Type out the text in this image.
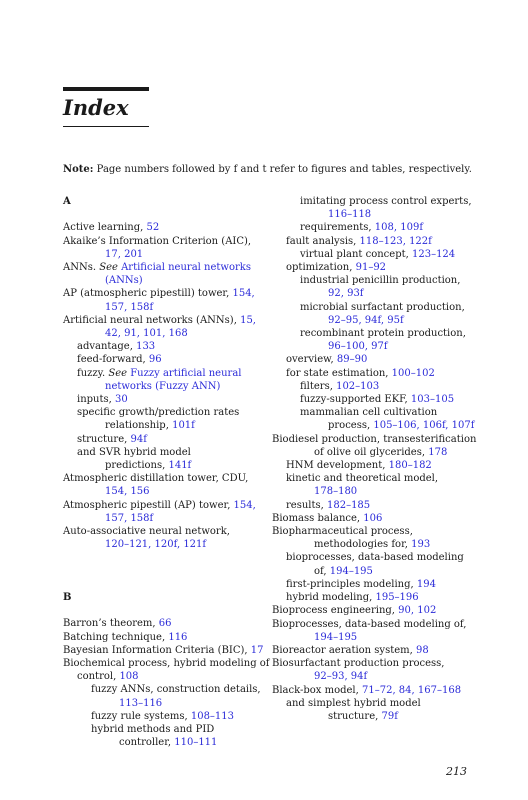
Index
Note: Page numbers followed by f and t refer to figures and tables, respectively.
A
Active learning, 52
Akaike’s Information Criterion (AIC),
17, 201
ANNs. See Artificial neural networks
(ANNs)
AP (atmospheric pipestill) tower, 154,
157, 158f
Artificial neural networks (ANNs), 15,
42, 91, 101, 168
advantage, 133
feed-forward, 96
fuzzy. See Fuzzy artificial neural
networks (Fuzzy ANN)
inputs, 30
specific growth/prediction rates
relationship, 101f
structure, 94f
and SVR hybrid model
predictions, 141f
Atmospheric distillation tower, CDU,
154, 156
Atmospheric pipestill (AP) tower, 154,
157, 158f
Auto-associative neural network,
120–121, 120f, 121f
B
Barron’s theorem, 66
Batching technique, 116
Bayesian Information Criteria (BIC), 17
Biochemical process, hybrid modeling of
control, 108
fuzzy ANNs, construction details,
113–116
fuzzy rule systems, 108–113
hybrid methods and PID
controller, 110–111
imitating process control experts,
116–118
requirements, 108, 109f
fault analysis, 118–123, 122f
virtual plant concept, 123–124
optimization, 91–92
industrial penicillin production,
92, 93f
microbial surfactant production,
92–95, 94f, 95f
recombinant protein production,
96–100, 97f
overview, 89–90
for state estimation, 100–102
filters, 102–103
fuzzy-supported EKF, 103–105
mammalian cell cultivation
process, 105–106, 106f, 107f
Biodiesel production, transesterification
of olive oil glycerides, 178
HNM development, 180–182
kinetic and theoretical model,
178–180
results, 182–185
Biomass balance, 106
Biopharmaceutical process,
methodologies for, 193
bioprocesses, data-based modeling
of, 194–195
first-principles modeling, 194
hybrid modeling, 195–196
Bioprocess engineering, 90, 102
Bioprocesses, data-based modeling of,
194–195
Bioreactor aeration system, 98
Biosurfactant production process,
92–93, 94f
Black-box model, 71–72, 84, 167–168
and simplest hybrid model
structure, 79f
213
